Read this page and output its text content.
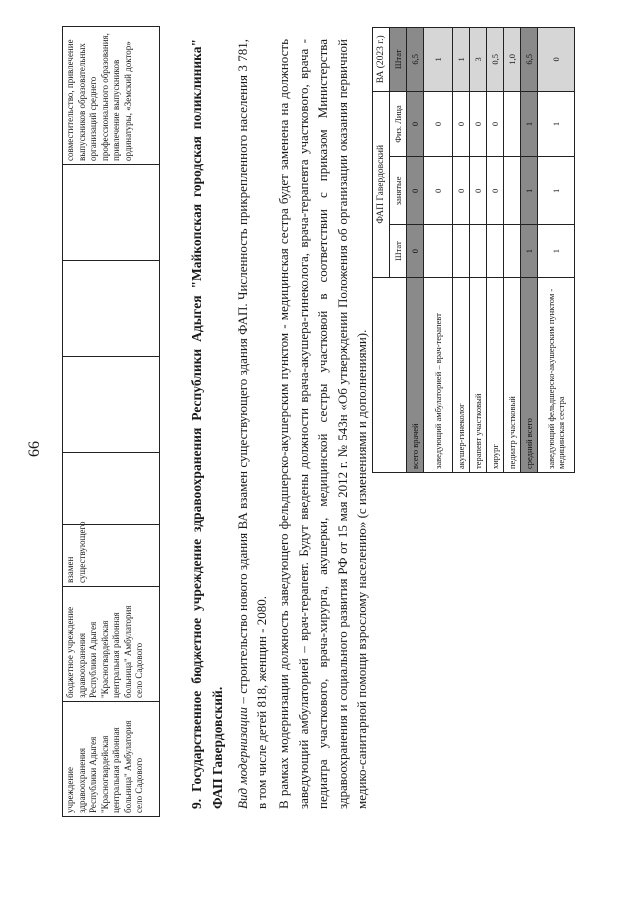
66
учреждение здравоохранения Республики Адыгея "Красногвардейская центральная районная больница" Амбулатория село Садового	бюджетное учреждение здравоохранения Республики Адыгея "Красногвардейская центральная районная больница" Амбулатория село Садового	взамен существующего					совместительство, привлечение выпускников образовательных организаций среднего профессионального образования, привлечение выпускников ординатуры, «Земский доктор»	9. Государственное бюджетное учреждение здравоохранения Республики Адыгея "Майкопская городская поликлиника" ФАП Гавердовский. Вид модернизации – строительство нового здания ВА взамен существующего здания ФАП. Численность прикрепленного населения 3 781, в том числе детей 818, женщин - 2080. В рамках модернизации должность заведующего фельдшерско-акушерским пунктом - медицинская сестра будет заменена на должность заведующий амбулаторией – врач-терапевт. Будут введены должности врача-акушера-гинеколога, врача-терапевта участкового, врача - педиатра участкового, врача-хирурга, акушерки, медицинской сестры участковой в соответствии с приказом Министерства здравоохранения и социального развития РФ от 15 мая 2012 г. № 543н «Об утверждении Положения об организации оказания первичной медико-санитарной помощи взрослому населению» (с изменениями и дополнениями).
	ФАП Гавердовский			ВА (2023 г.)
	Штат	занятые	Физ. Лица	Штат
всего врачей	0	0	0	6,5
заведующий амбулаторией – врач-терапевт		0	0	1
акушер-гинеколог		0	0	1
терапевт участковый		0	0	3
хирург		0	0	0,5
педиатр участковый				1,0
средний всего	1	1	1	6,5
заведующий фельдшерско-акушерским пунктом - медицинская сестра	1	1	1	0
